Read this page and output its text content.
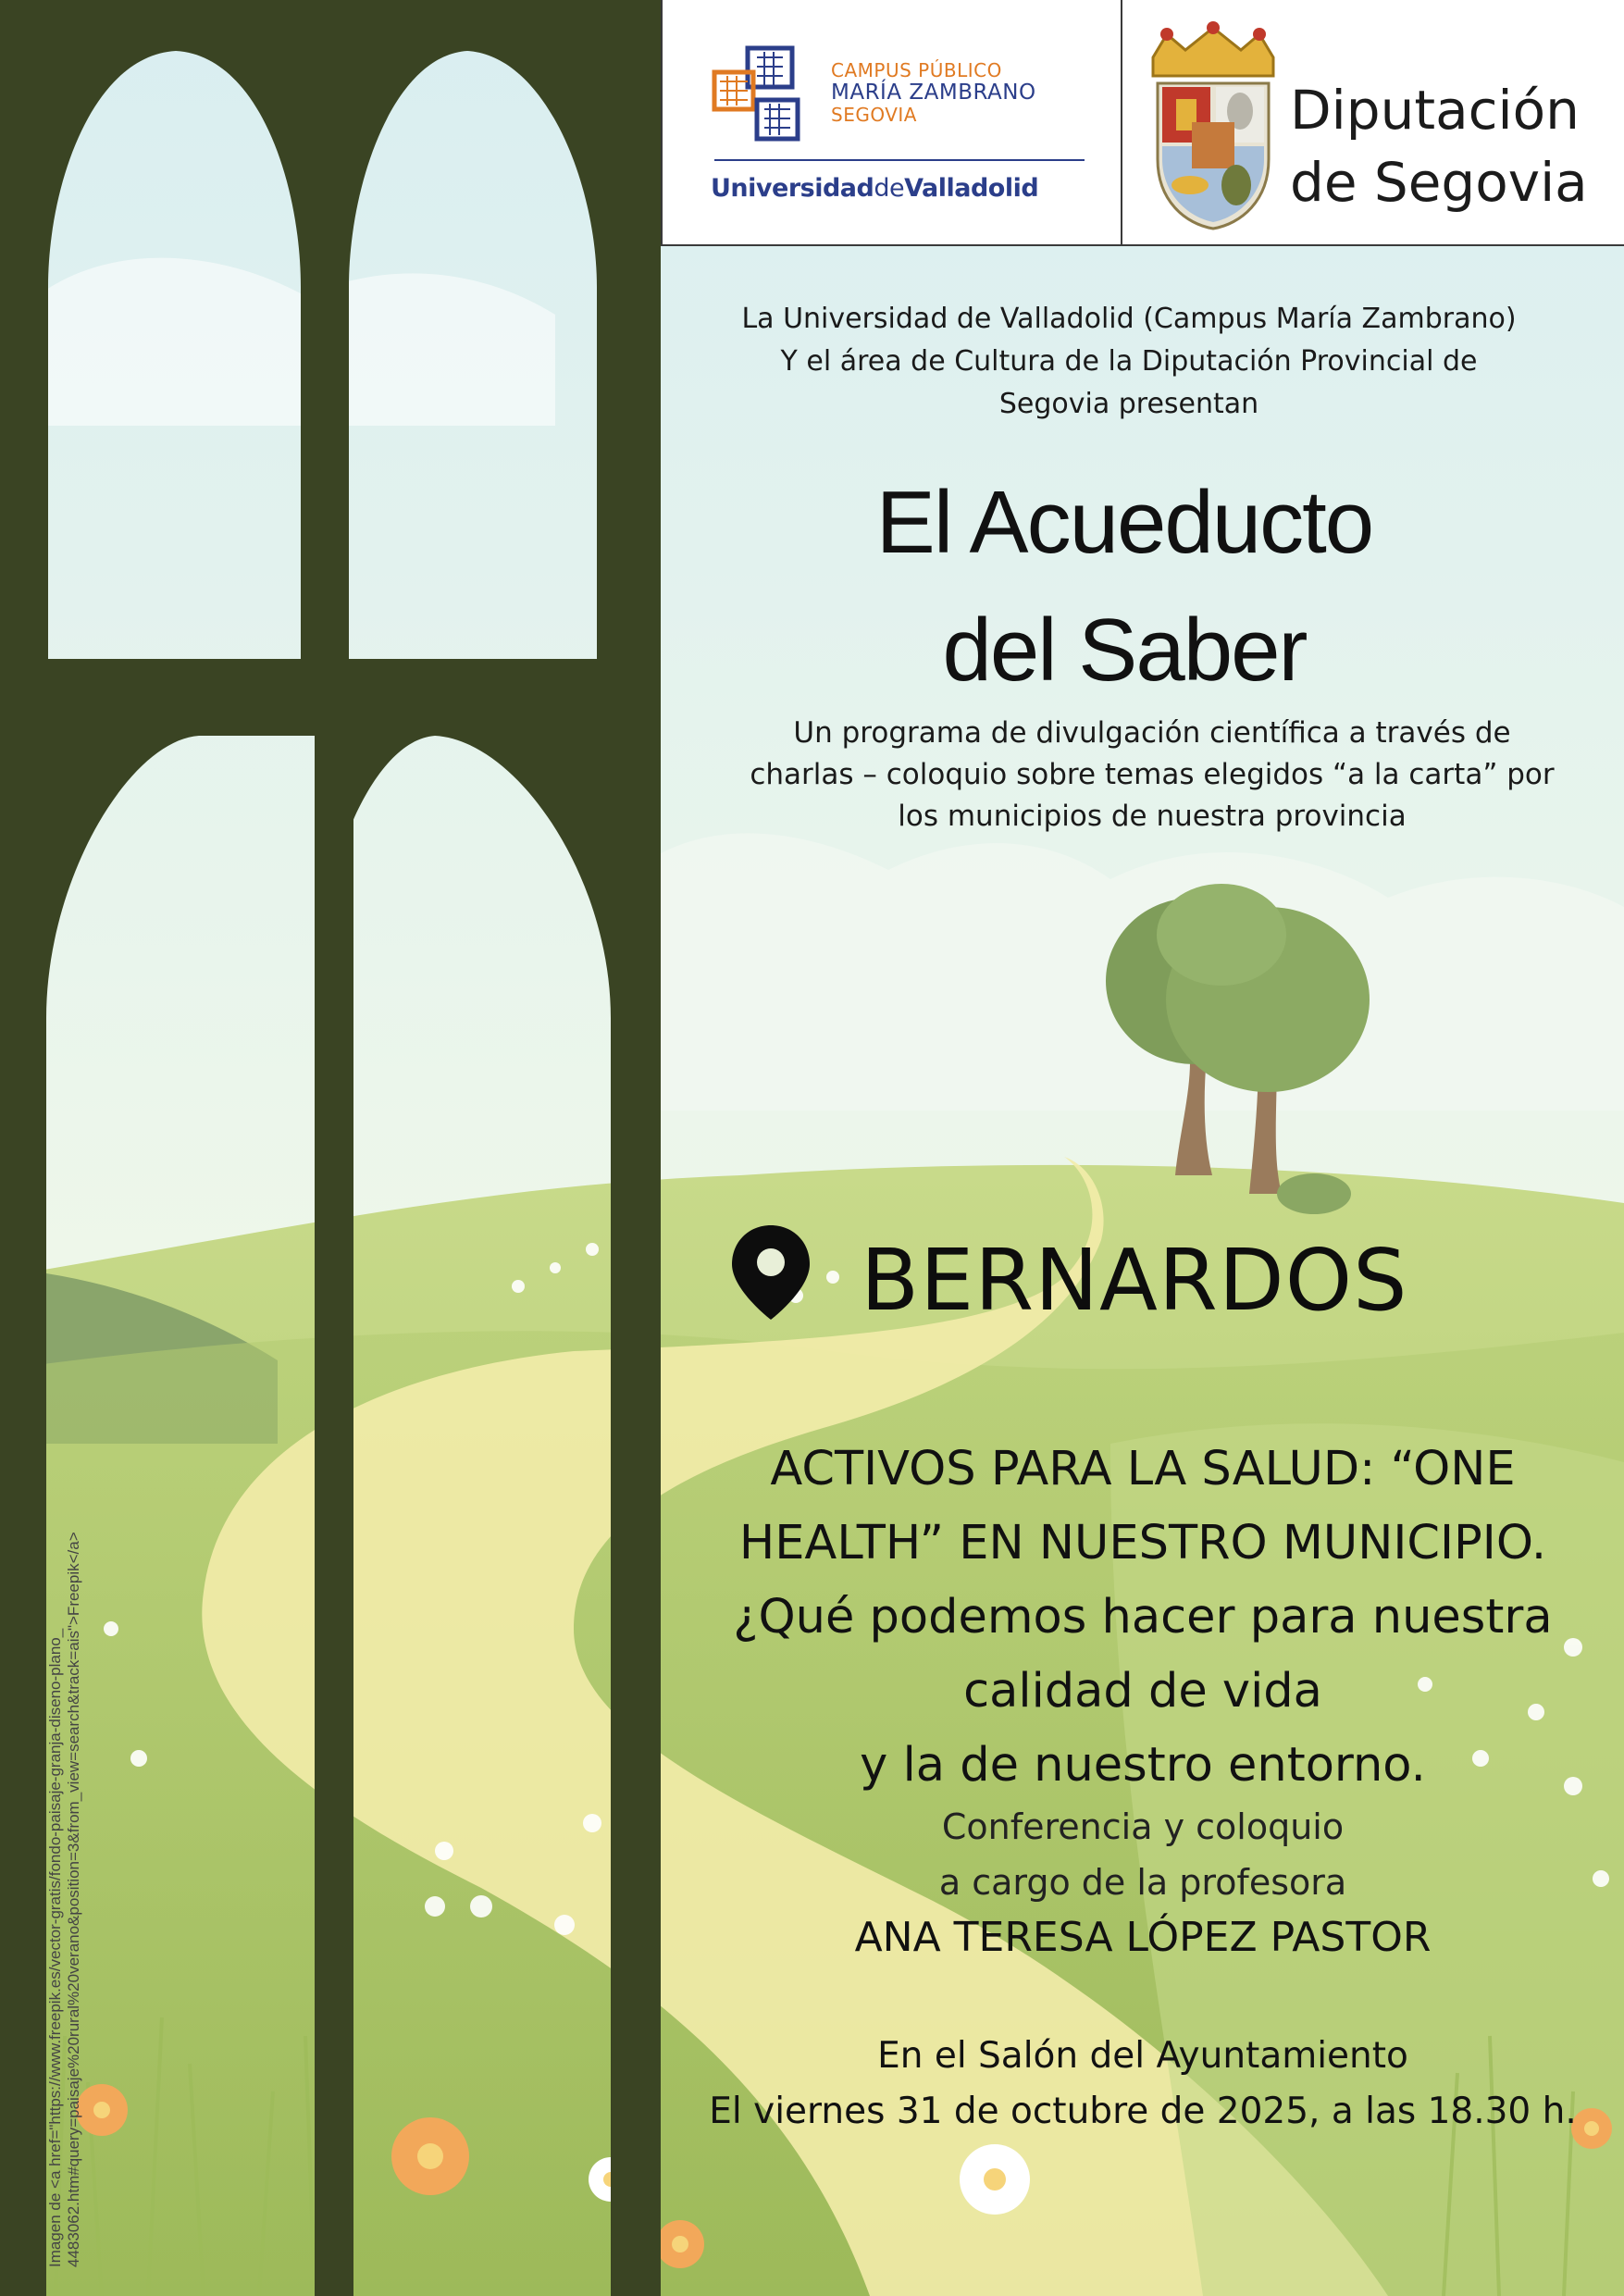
Imagen de <a href="https://www.freepik.es/vector-gratis/fondo-paisaje-granja-diseno-plano_ 4483062.htm#query=paisaje%20rural%20verano&position=3&from_view=search&track=ais">Freepik</a>
CAMPUS PÚBLICO
MARÍA ZAMBRANO
SEGOVIA
UniversidaddeValladolid
Diputación
de Segovia
La Universidad de Valladolid (Campus María Zambrano)
Y el área de Cultura de la Diputación Provincial de
Segovia presentan
El Acueducto
del Saber
Un programa de divulgación científica a través de
charlas – coloquio sobre temas elegidos “a la carta” por
los municipios de nuestra provincia
BERNARDOS
ACTIVOS PARA LA SALUD: “ONE
HEALTH” EN NUESTRO MUNICIPIO.
¿Qué podemos hacer para nuestra
calidad de vida
y la de nuestro entorno.
Conferencia y coloquio
a cargo de la profesora
ANA TERESA LÓPEZ PASTOR
En el Salón del Ayuntamiento
El viernes 31 de octubre de 2025, a las 18.30 h.
